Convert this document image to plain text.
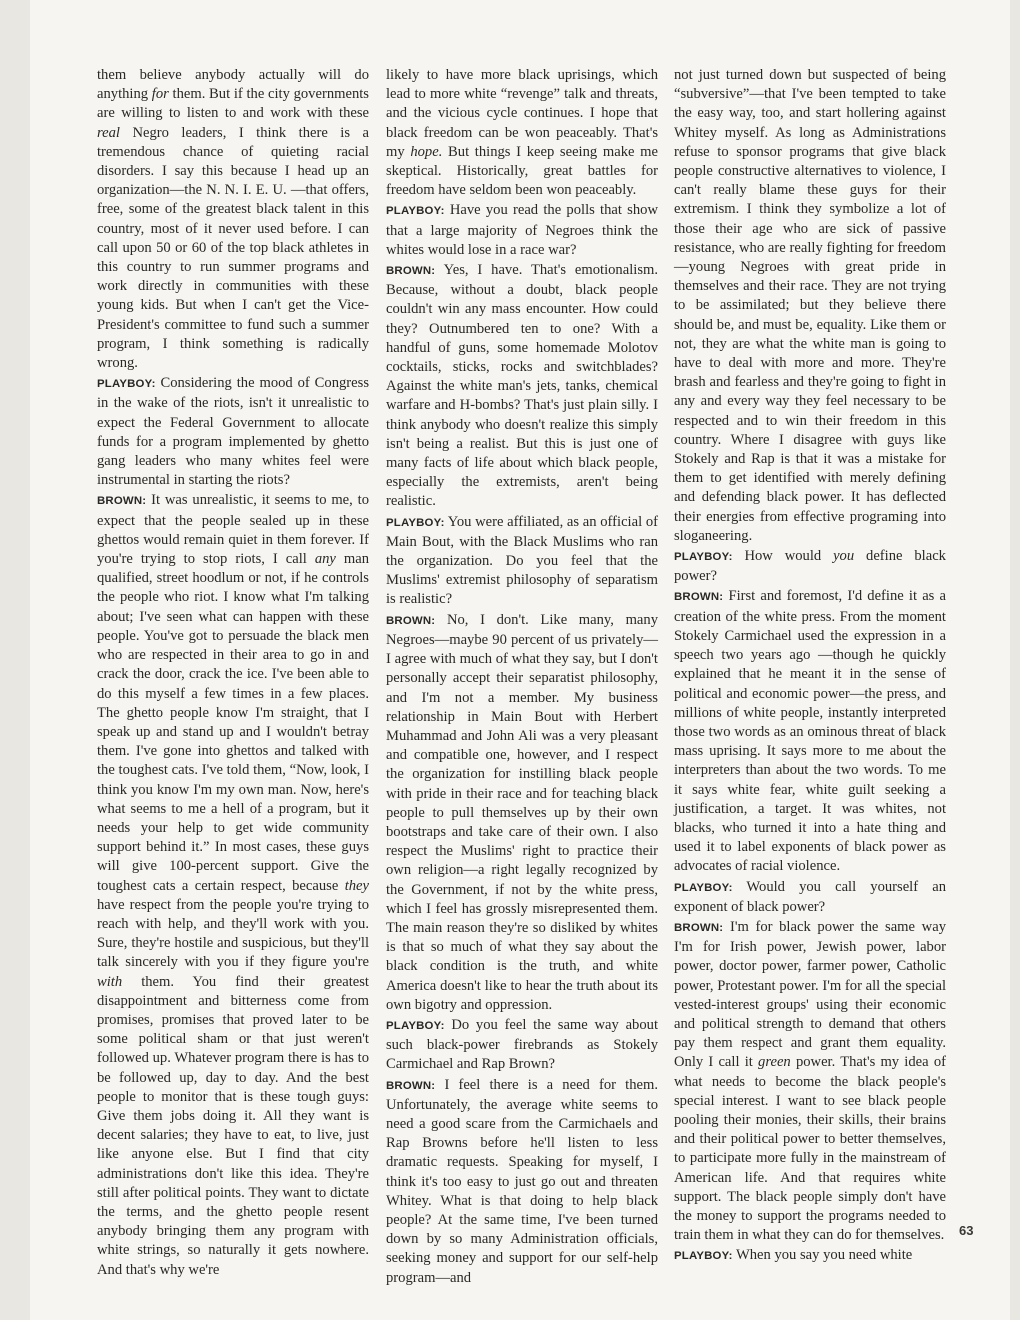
them believe anybody actually will do anything for them. But if the city governments are willing to listen to and work with these real Negro leaders, I think there is a tremendous chance of quieting racial disorders. I say this because I head up an organization—the N. N. I. E. U. —that offers, free, some of the greatest black talent in this country, most of it never used before. I can call upon 50 or 60 of the top black athletes in this country to run summer programs and work directly in communities with these young kids. But when I can't get the Vice-President's committee to fund such a summer program, I think something is radically wrong.

PLAYBOY: Considering the mood of Congress in the wake of the riots, isn't it unrealistic to expect the Federal Government to allocate funds for a program implemented by ghetto gang leaders who many whites feel were instrumental in starting the riots?

BROWN: It was unrealistic, it seems to me, to expect that the people sealed up in these ghettos would remain quiet in them forever. If you're trying to stop riots, I call any man qualified, street hoodlum or not, if he controls the people who riot. I know what I'm talking about; I've seen what can happen with these people. You've got to persuade the black men who are respected in their area to go in and crack the door, crack the ice. I've been able to do this myself a few times in a few places. The ghetto people know I'm straight, that I speak up and stand up and I wouldn't betray them. I've gone into ghettos and talked with the toughest cats. I've told them, “Now, look, I think you know I'm my own man. Now, here's what seems to me a hell of a program, but it needs your help to get wide community support behind it.” In most cases, these guys will give 100-percent support. Give the toughest cats a certain respect, because they have respect from the people you're trying to reach with help, and they'll work with you. Sure, they're hostile and suspicious, but they'll talk sincerely with you if they figure you're with them. You find their greatest disappointment and bitterness come from promises, promises that proved later to be some political sham or that just weren't followed up. Whatever program there is has to be followed up, day to day. And the best people to monitor that is these tough guys: Give them jobs doing it. All they want is decent salaries; they have to eat, to live, just like anyone else. But I find that city administrations don't like this idea. They're still after political points. They want to dictate the terms, and the ghetto people resent anybody bringing them any program with white strings, so naturally it gets nowhere. And that's why we're

likely to have more black uprisings, which lead to more white “revenge” talk and threats, and the vicious cycle continues. I hope that black freedom can be won peaceably. That's my hope. But things I keep seeing make me skeptical. Historically, great battles for freedom have seldom been won peaceably.

PLAYBOY: Have you read the polls that show that a large majority of Negroes think the whites would lose in a race war?

BROWN: Yes, I have. That's emotionalism. Because, without a doubt, black people couldn't win any mass encounter. How could they? Outnumbered ten to one? With a handful of guns, some homemade Molotov cocktails, sticks, rocks and switchblades? Against the white man's jets, tanks, chemical warfare and H-bombs? That's just plain silly. I think anybody who doesn't realize this simply isn't being a realist. But this is just one of many facts of life about which black people, especially the extremists, aren't being realistic.

PLAYBOY: You were affiliated, as an official of Main Bout, with the Black Muslims who ran the organization. Do you feel that the Muslims' extremist philosophy of separatism is realistic?

BROWN: No, I don't. Like many, many Negroes—maybe 90 percent of us privately—I agree with much of what they say, but I don't personally accept their separatist philosophy, and I'm not a member. My business relationship in Main Bout with Herbert Muhammad and John Ali was a very pleasant and compatible one, however, and I respect the organization for instilling black people with pride in their race and for teaching black people to pull themselves up by their own bootstraps and take care of their own. I also respect the Muslims' right to practice their own religion—a right legally recognized by the Government, if not by the white press, which I feel has grossly misrepresented them. The main reason they're so disliked by whites is that so much of what they say about the black condition is the truth, and white America doesn't like to hear the truth about its own bigotry and oppression.

PLAYBOY: Do you feel the same way about such black-power firebrands as Stokely Carmichael and Rap Brown?

BROWN: I feel there is a need for them. Unfortunately, the average white seems to need a good scare from the Carmichaels and Rap Browns before he'll listen to less dramatic requests. Speaking for myself, I think it's too easy to just go out and threaten Whitey. What is that doing to help black people? At the same time, I've been turned down by so many Administration officials, seeking money and support for our self-help program—and

not just turned down but suspected of being “subversive”—that I've been tempted to take the easy way, too, and start hollering against Whitey myself. As long as Administrations refuse to sponsor programs that give black people constructive alternatives to violence, I can't really blame these guys for their extremism. I think they symbolize a lot of those their age who are sick of passive resistance, who are really fighting for freedom —young Negroes with great pride in themselves and their race. They are not trying to be assimilated; but they believe there should be, and must be, equality. Like them or not, they are what the white man is going to have to deal with more and more. They're brash and fearless and they're going to fight in any and every way they feel necessary to be respected and to win their freedom in this country. Where I disagree with guys like Stokely and Rap is that it was a mistake for them to get identified with merely defining and defending black power. It has deflected their energies from effective programing into sloganeering.

PLAYBOY: How would you define black power?

BROWN: First and foremost, I'd define it as a creation of the white press. From the moment Stokely Carmichael used the expression in a speech two years ago —though he quickly explained that he meant it in the sense of political and economic power—the press, and millions of white people, instantly interpreted those two words as an ominous threat of black mass uprising. It says more to me about the interpreters than about the two words. To me it says white fear, white guilt seeking a justification, a target. It was whites, not blacks, who turned it into a hate thing and used it to label exponents of black power as advocates of racial violence.

PLAYBOY: Would you call yourself an exponent of black power?

BROWN: I'm for black power the same way I'm for Irish power, Jewish power, labor power, doctor power, farmer power, Catholic power, Protestant power. I'm for all the special vested-interest groups' using their economic and political strength to demand that others pay them respect and grant them equality. Only I call it green power. That's my idea of what needs to become the black people's special interest. I want to see black people pooling their monies, their skills, their brains and their political power to better themselves, to participate more fully in the mainstream of American life. And that requires white support. The black people simply don't have the money to support the programs needed to train them in what they can do for themselves.

PLAYBOY: When you say you need white

63
